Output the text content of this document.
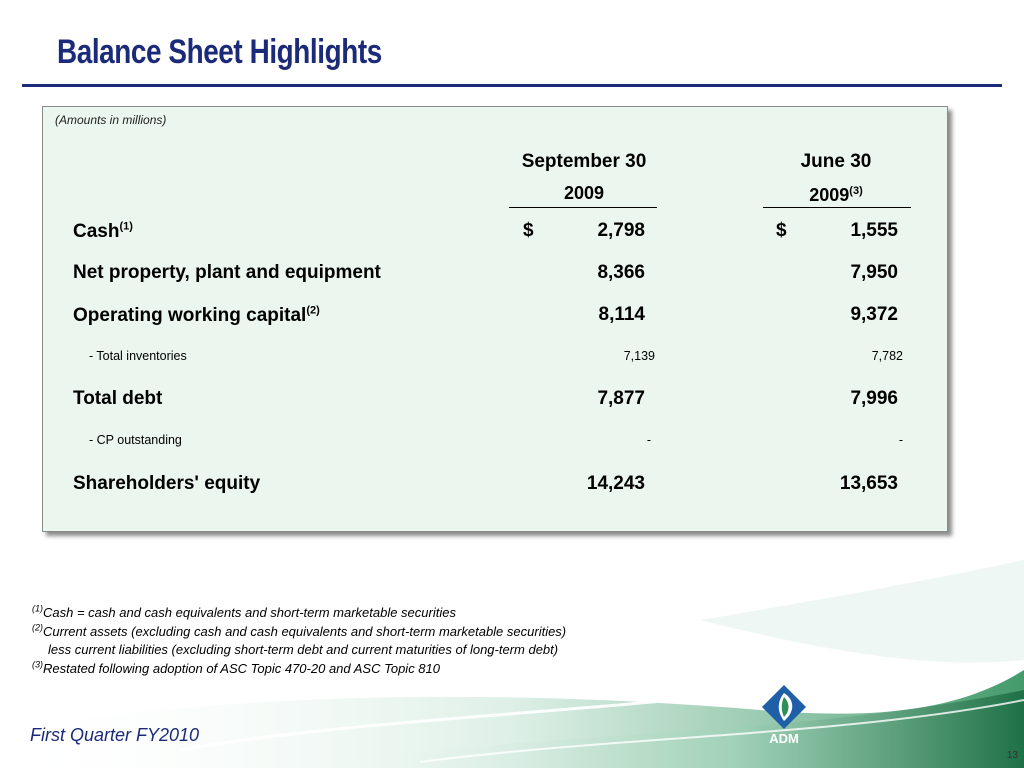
Balance Sheet Highlights
(Amounts in millions)
September 30
2009
June 30
2009$^{(3)}$
Cash$^{(1)}$	$	2,798	$	1,555
Net property, plant and equipment	8,366	7,950
Operating working capital$^{(2)}$	8,114	9,372
- Total inventories	7,139	7,782
Total debt	7,877	7,996
- CP outstanding	-	-
Shareholders' equity	14,243	13,653
$^{(1)}$Cash = cash and cash equivalents and short-term marketable securities
$^{(2)}$Current assets (excluding cash and cash equivalents and short-term marketable securities)
less current liabilities (excluding short-term debt and current maturities of long-term debt)
$^{(3)}$Restated following adoption of ASC Topic 470-20 and ASC Topic 810
First Quarter FY2010	ADM
13
